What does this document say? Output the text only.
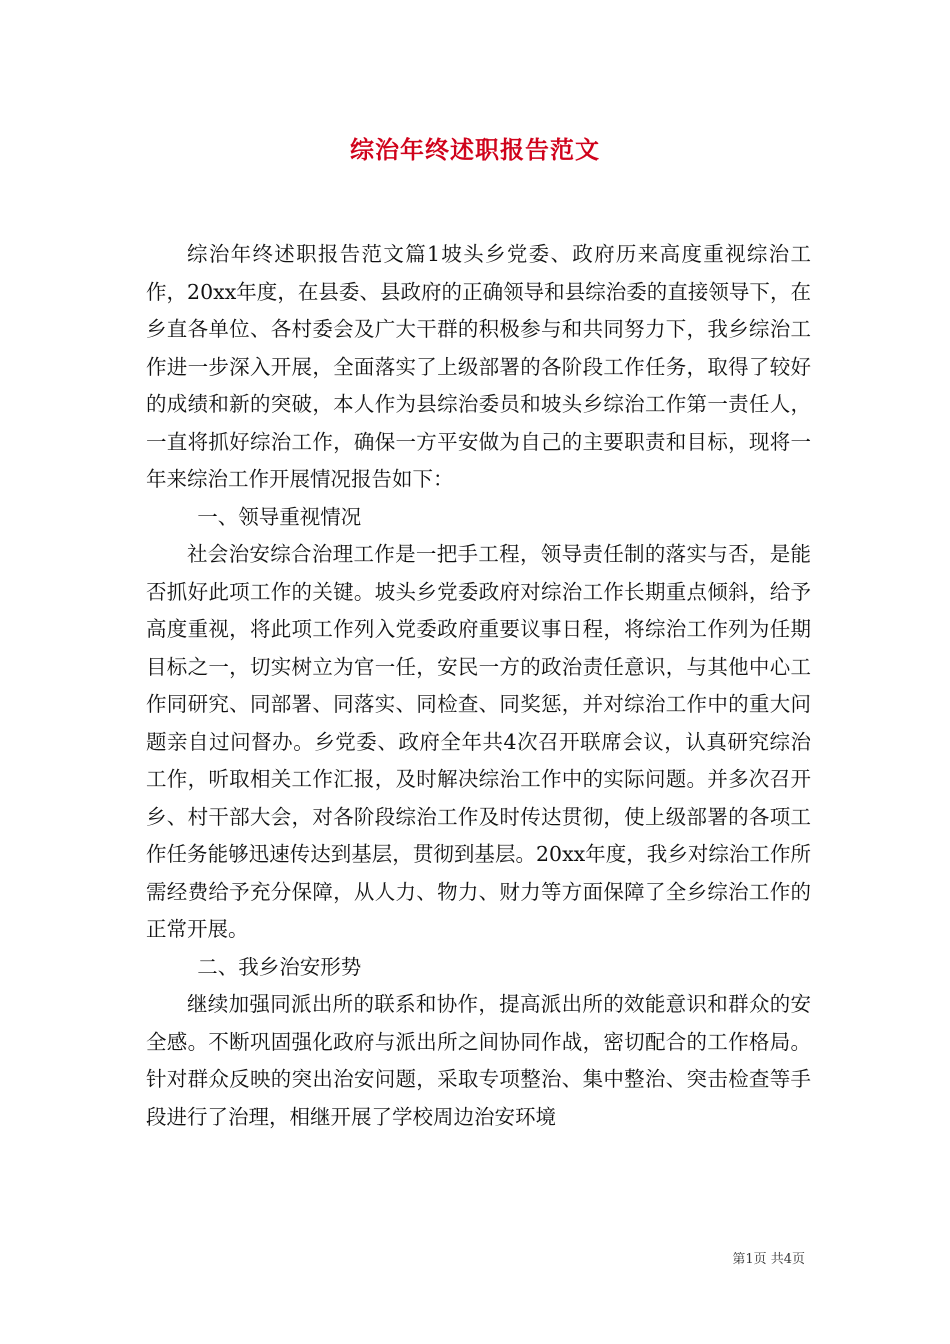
综治年终述职报告范文

综治年终述职报告范文篇1坡头乡党委、政府历来高度重视综治工作，20xx年度，在县委、县政府的正确领导和县综治委的直接领导下，在乡直各单位、各村委会及广大干群的积极参与和共同努力下，我乡综治工作进一步深入开展，全面落实了上级部署的各阶段工作任务，取得了较好的成绩和新的突破，本人作为县综治委员和坡头乡综治工作第一责任人，一直将抓好综治工作，确保一方平安做为自己的主要职责和目标，现将一年来综治工作开展情况报告如下：

一、领导重视情况

社会治安综合治理工作是一把手工程，领导责任制的落实与否，是能否抓好此项工作的关键。坡头乡党委政府对综治工作长期重点倾斜，给予高度重视，将此项工作列入党委政府重要议事日程，将综治工作列为任期目标之一，切实树立为官一任，安民一方的政治责任意识，与其他中心工作同研究、同部署、同落实、同检查、同奖惩，并对综治工作中的重大问题亲自过问督办。乡党委、政府全年共4次召开联席会议，认真研究综治工作，听取相关工作汇报，及时解决综治工作中的实际问题。并多次召开乡、村干部大会，对各阶段综治工作及时传达贯彻，使上级部署的各项工作任务能够迅速传达到基层，贯彻到基层。20xx年度，我乡对综治工作所需经费给予充分保障，从人力、物力、财力等方面保障了全乡综治工作的正常开展。

二、我乡治安形势

继续加强同派出所的联系和协作，提高派出所的效能意识和群众的安全感。不断巩固强化政府与派出所之间协同作战，密切配合的工作格局。针对群众反映的突出治安问题，采取专项整治、集中整治、突击检查等手段进行了治理，相继开展了学校周边治安环境

第1页 共4页
